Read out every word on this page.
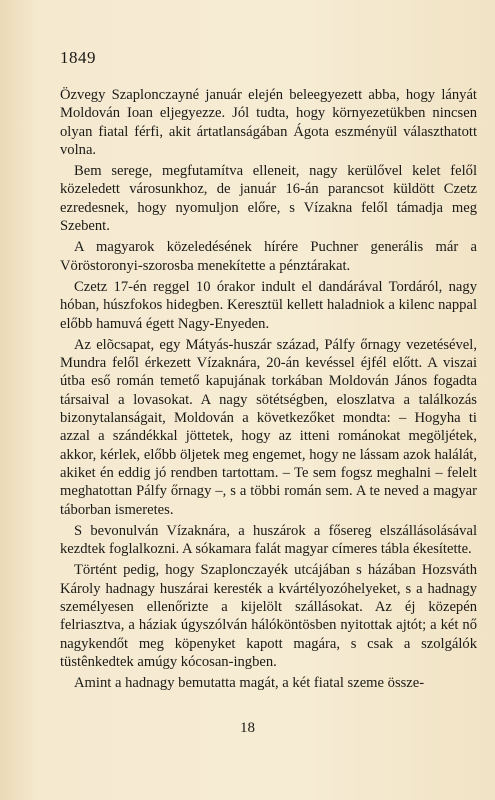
1849

Özvegy Szaplonczayné január elején beleegyezett abba, hogy lányát Moldován Ioan eljegyezze. Jól tudta, hogy környezetükben nincsen olyan fiatal férfi, akit ártatlanságában Ágota eszményül választhatott volna.

Bem serege, megfutamítva elleneit, nagy kerülővel kelet felől közeledett városunkhoz, de január 16-án parancsot küldött Czetz ezredesnek, hogy nyomuljon előre, s Vízakna felől támadja meg Szebent.

A magyarok közeledésének hírére Puchner generális már a Vöröstoronyi-szorosba menekítette a pénztárakat.

Czetz 17-én reggel 10 órakor indult el dandárával Tordáról, nagy hóban, húszfokos hidegben. Keresztül kellett haladniok a kilenc nappal előbb hamuvá égett Nagy-Enyeden.

Az elõcsapat, egy Mátyás-huszár század, Pálfy őrnagy vezetésével, Mundra felől érkezett Vízaknára, 20-án kevéssel éjfél előtt. A viszai útba eső román temető kapujának torkában Moldován János fogadta társaival a lovasokat. A nagy sötétségben, eloszlatva a találkozás bizonytalanságait, Moldován a következőket mondta: – Hogyha ti azzal a szándékkal jöttetek, hogy az itteni románokat megöljétek, akkor, kérlek, előbb öljetek meg engemet, hogy ne lássam azok halálát, akiket én eddig jó rendben tartottam. – Te sem fogsz meghalni – felelt meghatottan Pálfy őrnagy –, s a többi román sem. A te neved a magyar táborban ismeretes.

S bevonulván Vízaknára, a huszárok a fősereg elszállásolásával kezdtek foglalkozni. A sókamara falát magyar címeres tábla ékesítette.

Történt pedig, hogy Szaplonczayék utcájában s házában Hozsváth Károly hadnagy huszárai keresték a kvártélyozóhelyeket, s a hadnagy személyesen ellenőrizte a kijelölt szállásokat. Az éj közepén felriasztva, a háziak úgyszólván hálóköntösben nyitottak ajtót; a két nő nagykendőt meg köpenyket kapott magára, s csak a szolgálók tüstênkedtek amúgy kócosan-ingben.

Amint a hadnagy bemutatta magát, a két fiatal szeme össze-

18
